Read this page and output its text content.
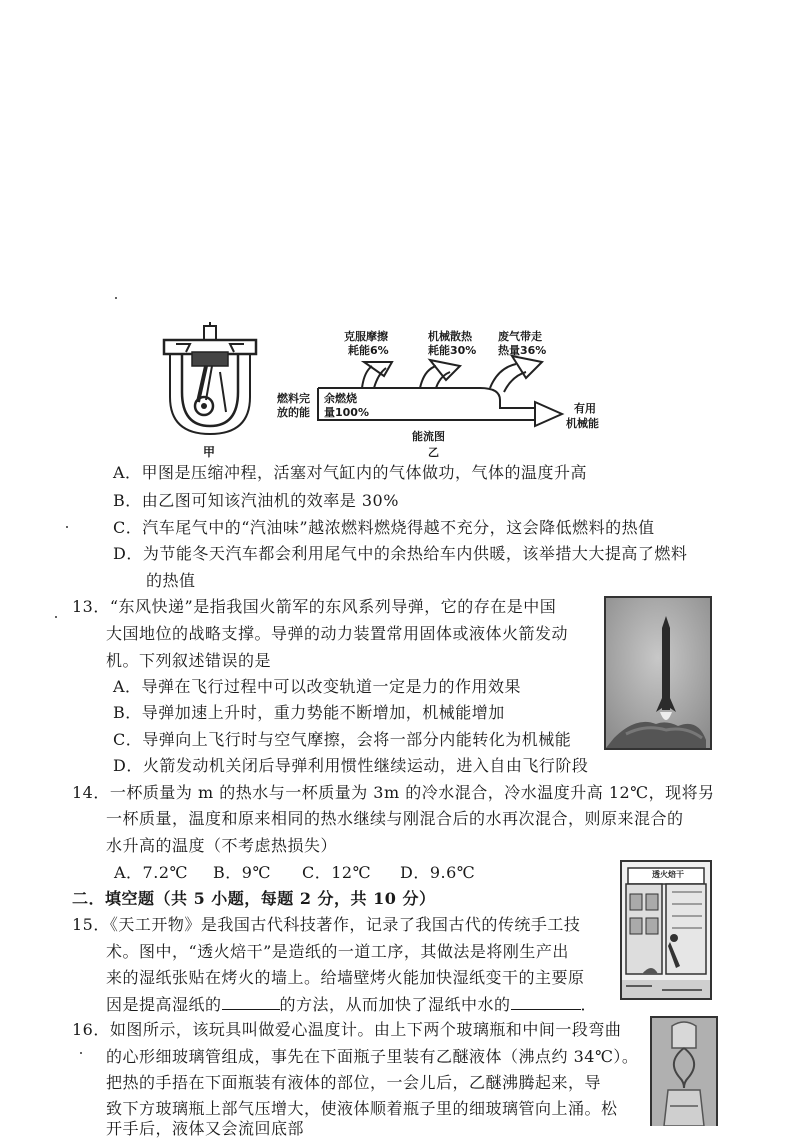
甲
克服摩擦
耗能6%
机械散热
耗能30%
废气带走
热量36%
燃料完
放的能
余燃烧
量100%	有用
机械能
能流图
乙
A．甲图是压缩冲程，活塞对气缸内的气体做功，气体的温度升高
B．由乙图可知该汽油机的效率是 30%
C．汽车尾气中的“汽油味”越浓燃料燃烧得越不充分，这会降低燃料的热值
D．为节能冬天汽车都会利用尾气中的余热给车内供暖，该举措大大提高了燃料
的热值
13．“东风快递”是指我国火箭军的东风系列导弹，它的存在是中国
大国地位的战略支撑。导弹的动力装置常用固体或液体火箭发动
机。下列叙述错误的是
A．导弹在飞行过程中可以改变轨道一定是力的作用效果
B．导弹加速上升时，重力势能不断增加，机械能增加
C．导弹向上飞行时与空气摩擦，会将一部分内能转化为机械能
D．火箭发动机关闭后导弹利用惯性继续运动，进入自由飞行阶段
14．一杯质量为 m 的热水与一杯质量为 3m 的冷水混合，冷水温度升高 12℃，现将另
一杯质量，温度和原来相同的热水继续与刚混合后的水再次混合，则原来混合的
水升高的温度（不考虑热损失）
A．7.2℃ B．9℃ C．12℃ D．9.6℃
二．填空题（共 5 小题，每题 2 分，共 10 分）
15．《天工开物》是我国古代科技著作，记录了我国古代的传统手工技
术。图中，“透火焙干”是造纸的一道工序，其做法是将刚生产出
来的湿纸张贴在烤火的墙上。给墙壁烤火能加快湿纸变干的主要原
因是提高湿纸的	的方法，从而加快了湿纸中水的	．
透火焙干
16．如图所示，该玩具叫做爱心温度计。由上下两个玻璃瓶和中间一段弯曲
的心形细玻璃管组成，事先在下面瓶子里装有乙醚液体（沸点约 34℃）。
把热的手捂在下面瓶装有液体的部位，一会儿后，乙醚沸腾起来，导
致下方玻璃瓶上部气压增大，使液体顺着瓶子里的细玻璃管向上涌。松
开手后，液体又会流回底部
